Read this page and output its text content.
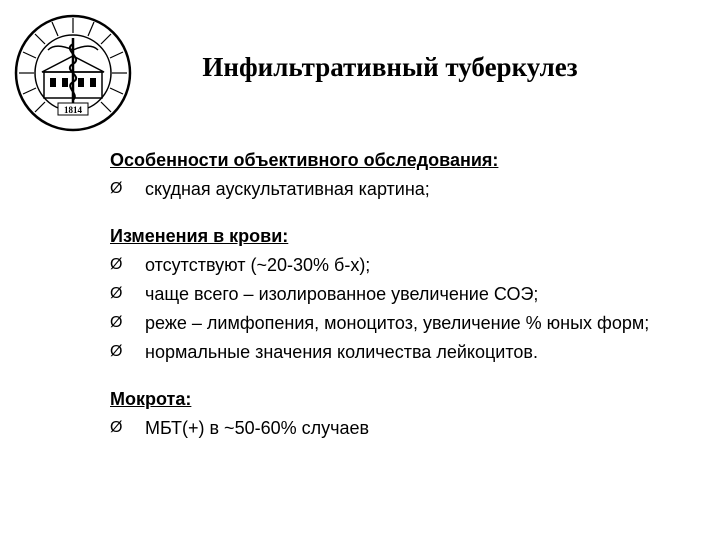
1814
Инфильтративный туберкулез
Особенности объективного обследования:
Ø	скудная аускультативная картина;
Изменения в крови:
Ø	отсутствуют (~20-30% б-х);
Ø	чаще всего – изолированное увеличение СОЭ;
Ø	реже – лимфопения, моноцитоз, увеличение % юных форм;
Ø	нормальные значения количества лейкоцитов.
Мокрота:
Ø	МБТ(+) в ~50-60% случаев
